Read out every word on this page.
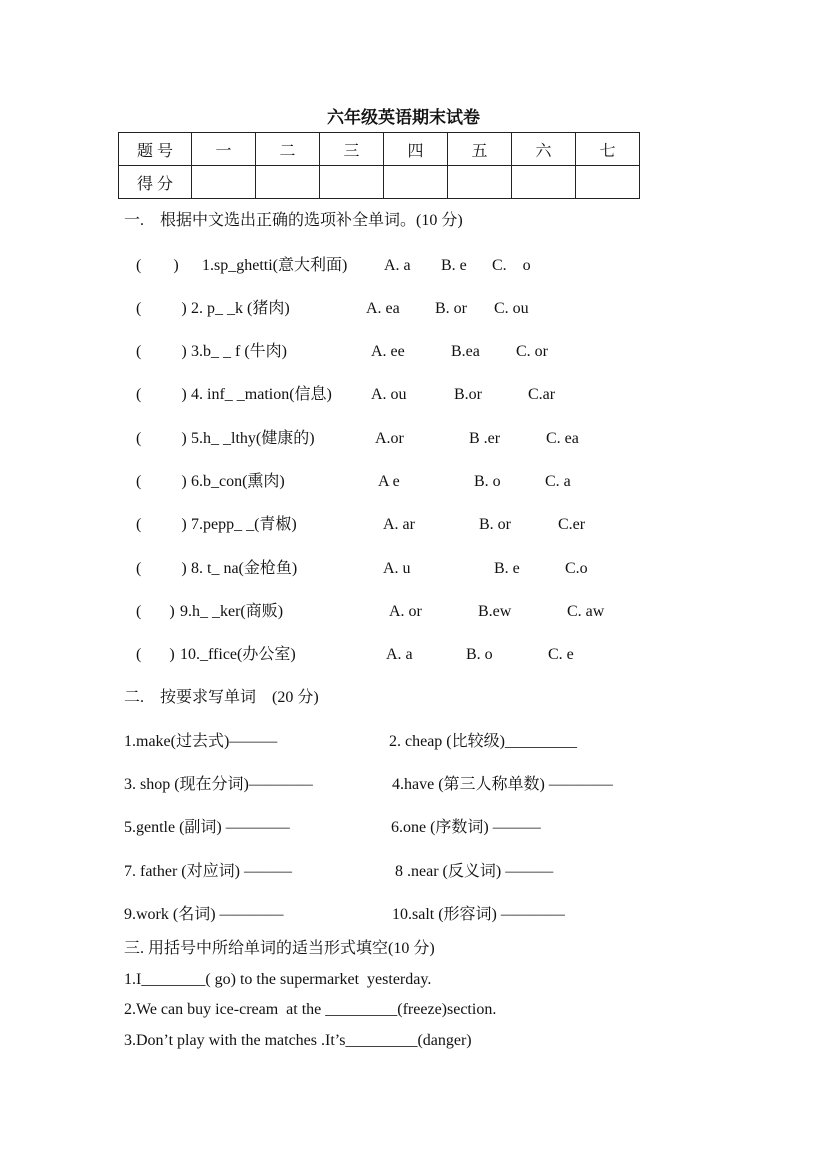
六年级英语期末试卷
题 号	一	二	三	四	五	六	七
得 分							
一.    根据中文选出正确的选项补全单词。(10 分)
(        ) 1.sp_ghetti(意大利面) A. a B. e C.    o
(          ) 2. p_ _k (猪肉)	A. ea B. or C. ou
(          ) 3.b_ _ f (牛肉)	A. ee	B.ea C. or
(          ) 4. inf_ _mation(信息) A. ou	B.or	C.ar
(          ) 5.h_ _lthy(健康的)	A.or	B .er	C. ea
(          ) 6.b_con(熏肉)	A e	B. o	C. a
(          ) 7.pepp_ _(青椒)	A. ar	B. or	C.er
(          ) 8. t_ na(金枪鱼)	A. u	B. e	C.o
(       ) 9.h_ _ker(商贩)	A. or	B.ew	C. aw
(       ) 10._ffice(办公室)	A. a	B. o	C. e
二.    按要求写单词    (20 分)
1.make(过去式)———	2. cheap (比较级)_________
3. shop (现在分词)————	4.have (第三人称单数) ————
5.gentle (副词) ————	6.one (序数词) ———
7. father (对应词) ———	8 .near (反义词) ———
9.work (名词) ————	10.salt (形容词) ————
三. 用括号中所给单词的适当形式填空(10 分)
1.I________( go) to the supermarket  yesterday.
2.We can buy ice-cream  at the _________(freeze)section.
3.Don’t play with the matches .It’s_________(danger)
